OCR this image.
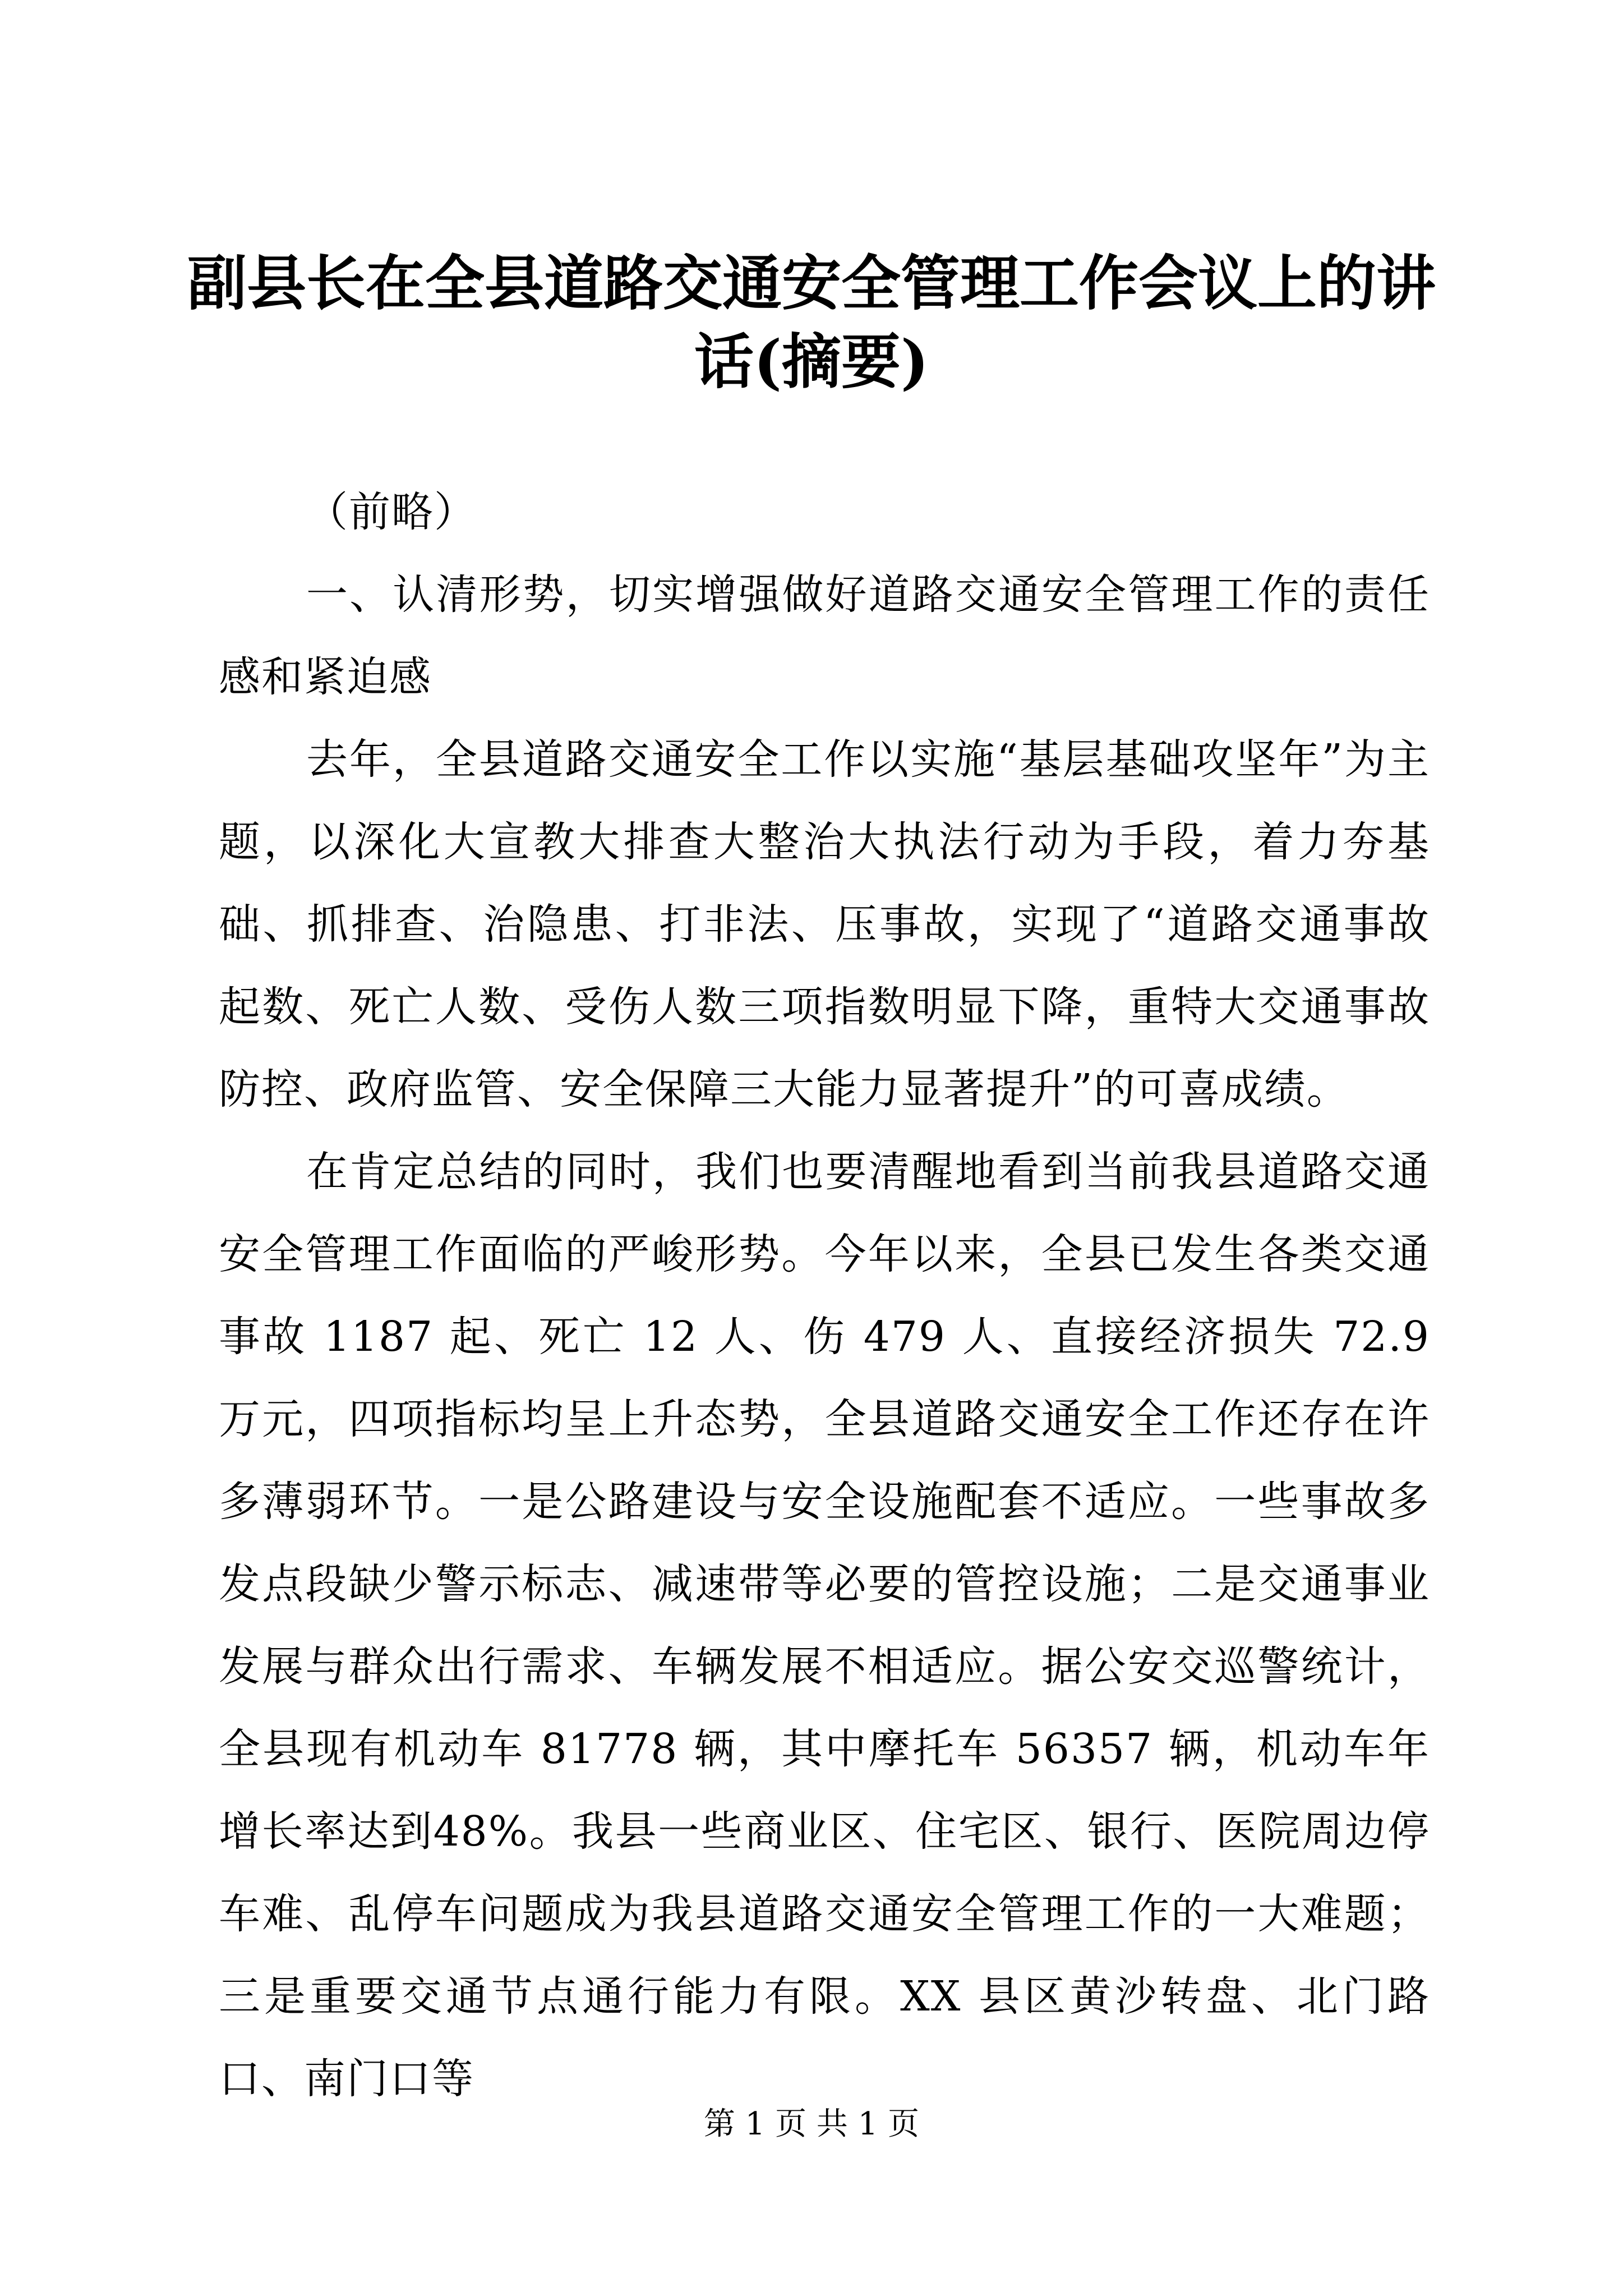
副县长在全县道路交通安全管理工作会议上的讲话(摘要)

（前略）

一、认清形势，切实增强做好道路交通安全管理工作的责任感和紧迫感

去年，全县道路交通安全工作以实施“基层基础攻坚年”为主题，以深化大宣教大排查大整治大执法行动为手段，着力夯基础、抓排查、治隐患、打非法、压事故，实现了“道路交通事故起数、死亡人数、受伤人数三项指数明显下降，重特大交通事故防控、政府监管、安全保障三大能力显著提升”的可喜成绩。

在肯定总结的同时，我们也要清醒地看到当前我县道路交通安全管理工作面临的严峻形势。今年以来，全县已发生各类交通事故 1187 起、死亡 12 人、伤 479 人、直接经济损失 72.9 万元，四项指标均呈上升态势，全县道路交通安全工作还存在许多薄弱环节。一是公路建设与安全设施配套不适应。一些事故多发点段缺少警示标志、减速带等必要的管控设施；二是交通事业发展与群众出行需求、车辆发展不相适应。据公安交巡警统计，全县现有机动车 81778 辆，其中摩托车 56357 辆，机动车年增长率达到48%。我县一些商业区、住宅区、银行、医院周边停车难、乱停车问题成为我县道路交通安全管理工作的一大难题；三是重要交通节点通行能力有限。XX 县区黄沙转盘、北门路口、南门口等

第 1 页 共 1 页
